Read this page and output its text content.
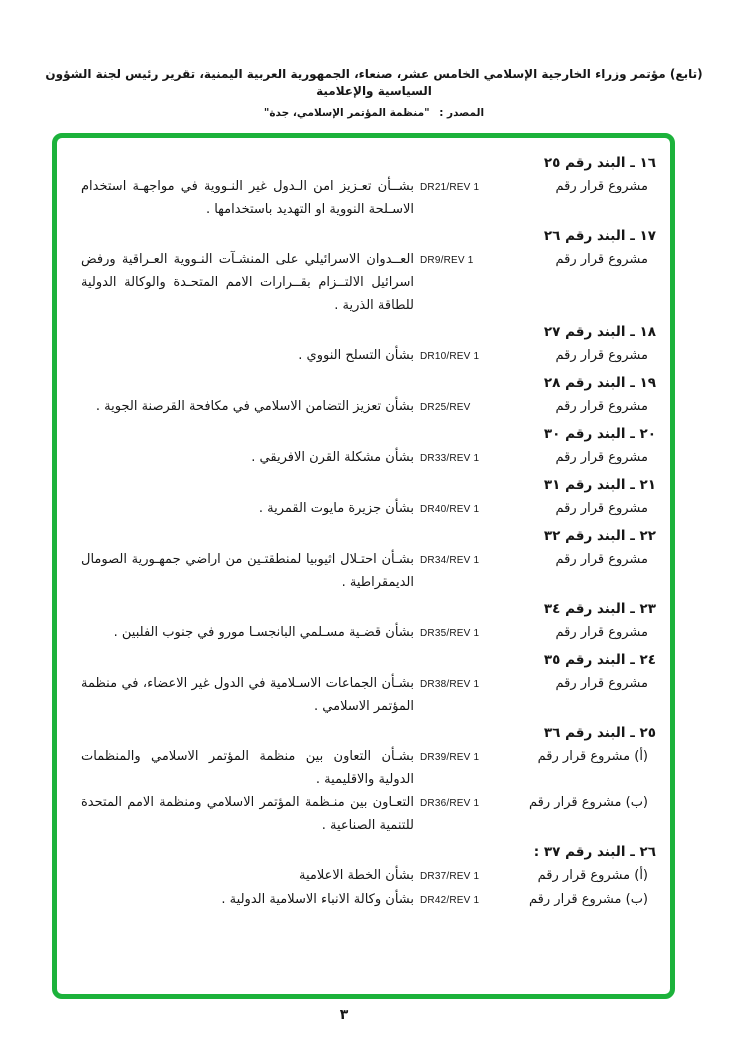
(تابع) مؤتمر وزراء الخارجية الإسلامي الخامس عشر، صنعاء، الجمهورية العربية اليمنية، تقرير رئيس لجنة الشؤون السياسية والإعلامية
المصدر : "منظمة المؤتمر الإسلامي، جدة"
١٦ ـ البند رقم ٢٥
مشروع قرار رقم
DR21/REV 1
بشــأن تعـزيز امن الـدول غير النـووية في مواجهـة استخدام الاسـلحة النووية او التهديد باستخدامها .
١٧ ـ البند رقم ٢٦
مشروع قرار رقم
DR9/REV 1
العــدوان الاسرائيلي على المنشـآت النـووية العـراقية ورفض اسرائيل الالتــزام بقــرارات الامم المتحـدة والوكالة الدولية للطاقة الذرية .
١٨ ـ البند رقم ٢٧
مشروع قرار رقم
DR10/REV 1
بشأن التسلح النووي .
١٩ ـ البند رقم ٢٨
مشروع قرار رقم
DR25/REV
بشأن تعزيز التضامن الاسلامي في مكافحة القرصنة الجوية .
٢٠ ـ البند رقم ٣٠
مشروع قرار رقم
DR33/REV 1
بشأن مشكلة القرن الافريقي .
٢١ ـ البند رقم ٣١
مشروع قرار رقم
DR40/REV 1
بشأن جزيرة مايوت القمرية .
٢٢ ـ البند رقم ٣٢
مشروع قرار رقم
DR34/REV 1
بشـأن احتـلال اثيوبيا لمنطقتـين من اراضي جمهـورية الصومال الديمقراطية .
٢٣ ـ البند رقم ٣٤
مشروع قرار رقم
DR35/REV 1
بشأن قضـية مسـلمي البانجسـا مورو في جنوب الفلبين .
٢٤ ـ البند رقم ٣٥
مشروع قرار رقم
DR38/REV 1
بشـأن الجماعات الاسـلامية في الدول غير الاعضاء، في منظمة المؤتمر الاسلامي .
٢٥ ـ البند رقم ٣٦
(أ) مشروع قرار رقم
DR39/REV 1
بشـأن التعاون بين منظمة المؤتمر الاسلامي والمنظمات الدولية والاقليمية .
(ب) مشروع قرار رقم
DR36/REV 1
التعـاون بين منـظمة المؤتمر الاسلامي ومنظمة الامم المتحدة للتنمية الصناعية .
٢٦ ـ البند رقم ٣٧ :
(أ) مشروع قرار رقم
DR37/REV 1
بشأن الخطة الاعلامية
(ب) مشروع قرار رقم
DR42/REV 1
بشأن وكالة الانباء الاسلامية الدولية .
٣
